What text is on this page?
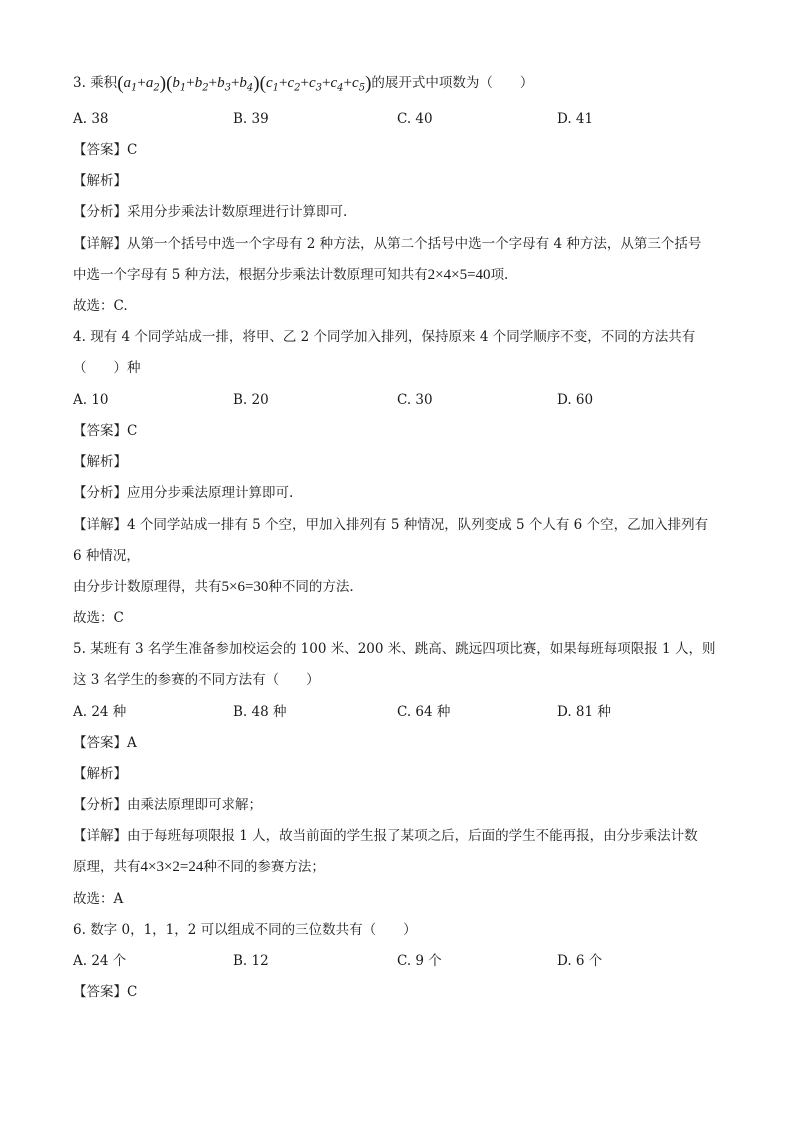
3. 乘积$(a_1+a_2)(b_1+b_2+b_3+b_4)(c_1+c_2+c_3+c_4+c_5)$的展开式中项数为（　　）
A. 38	B. 39	C. 40	D. 41
【答案】C
【解析】
【分析】采用分步乘法计数原理进行计算即可.
【详解】从第一个括号中选一个字母有 2 种方法，从第二个括号中选一个字母有 4 种方法，从第三个括号
中选一个字母有 5 种方法，根据分步乘法计数原理可知共有2×4×5=40项.
故选：C.
4. 现有 4 个同学站成一排，将甲、乙 2 个同学加入排列，保持原来 4 个同学顺序不变，不同的方法共有
（　　）种
A. 10	B. 20	C. 30	D. 60
【答案】C
【解析】
【分析】应用分步乘法原理计算即可.
【详解】4 个同学站成一排有 5 个空，甲加入排列有 5 种情况，队列变成 5 个人有 6 个空，乙加入排列有
6 种情况，
由分步计数原理得，共有5×6=30种不同的方法.
故选：C
5. 某班有 3 名学生准备参加校运会的 100 米、200 米、跳高、跳远四项比赛，如果每班每项限报 1 人，则
这 3 名学生的参赛的不同方法有（　　）
A. 24 种	B. 48 种	C. 64 种	D. 81 种
【答案】A
【解析】
【分析】由乘法原理即可求解；
【详解】由于每班每项限报 1 人，故当前面的学生报了某项之后，后面的学生不能再报，由分步乘法计数
原理，共有4×3×2=24种不同的参赛方法；
故选：A
6. 数字 0，1，1，2 可以组成不同的三位数共有（　　）
A. 24 个	B. 12	C. 9 个	D. 6 个
【答案】C
